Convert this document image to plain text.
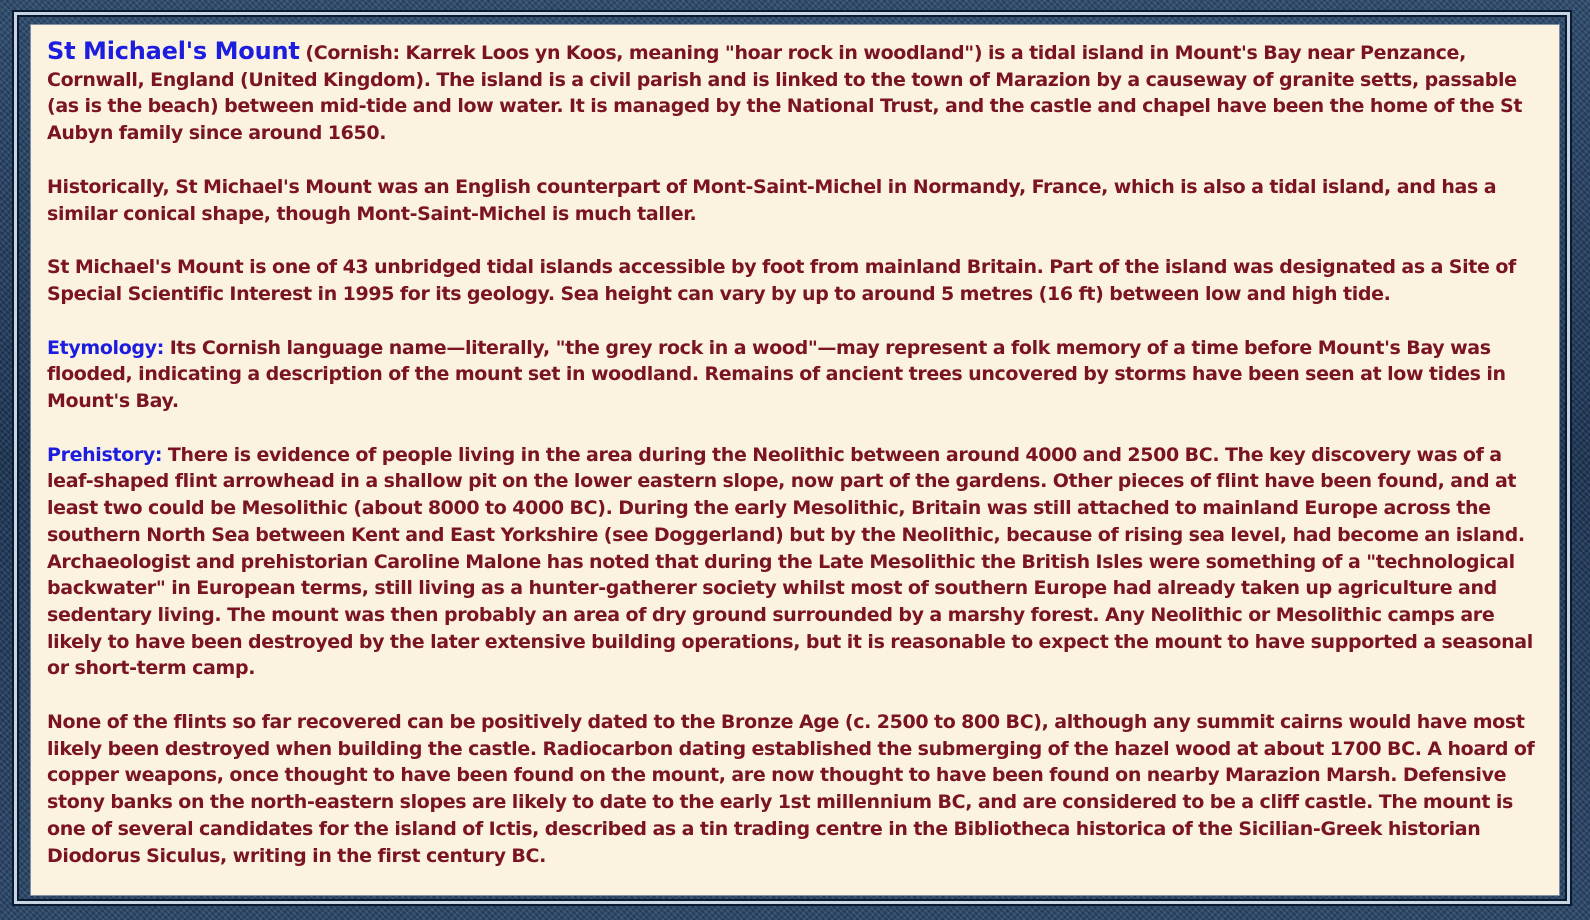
St Michael's Mount (Cornish: Karrek Loos yn Koos, meaning "hoar rock in woodland") is a tidal island in Mount's Bay near Penzance, Cornwall, England (United Kingdom). The island is a civil parish and is linked to the town of Marazion by a causeway of granite setts, passable (as is the beach) between mid-tide and low water. It is managed by the National Trust, and the castle and chapel have been the home of the St Aubyn family since around 1650.

Historically, St Michael's Mount was an English counterpart of Mont-Saint-Michel in Normandy, France, which is also a tidal island, and has a similar conical shape, though Mont-Saint-Michel is much taller.

St Michael's Mount is one of 43 unbridged tidal islands accessible by foot from mainland Britain. Part of the island was designated as a Site of Special Scientific Interest in 1995 for its geology. Sea height can vary by up to around 5 metres (16 ft) between low and high tide.

Etymology: Its Cornish language name—literally, "the grey rock in a wood"—may represent a folk memory of a time before Mount's Bay was flooded, indicating a description of the mount set in woodland. Remains of ancient trees uncovered by storms have been seen at low tides in Mount's Bay.

Prehistory: There is evidence of people living in the area during the Neolithic between around 4000 and 2500 BC. The key discovery was of a leaf-shaped flint arrowhead in a shallow pit on the lower eastern slope, now part of the gardens. Other pieces of flint have been found, and at least two could be Mesolithic (about 8000 to 4000 BC). During the early Mesolithic, Britain was still attached to mainland Europe across the southern North Sea between Kent and East Yorkshire (see Doggerland) but by the Neolithic, because of rising sea level, had become an island. Archaeologist and prehistorian Caroline Malone has noted that during the Late Mesolithic the British Isles were something of a "technological backwater" in European terms, still living as a hunter-gatherer society whilst most of southern Europe had already taken up agriculture and sedentary living. The mount was then probably an area of dry ground surrounded by a marshy forest. Any Neolithic or Mesolithic camps are likely to have been destroyed by the later extensive building operations, but it is reasonable to expect the mount to have supported a seasonal or short-term camp.

None of the flints so far recovered can be positively dated to the Bronze Age (c. 2500 to 800 BC), although any summit cairns would have most likely been destroyed when building the castle. Radiocarbon dating established the submerging of the hazel wood at about 1700 BC. A hoard of copper weapons, once thought to have been found on the mount, are now thought to have been found on nearby Marazion Marsh. Defensive stony banks on the north-eastern slopes are likely to date to the early 1st millennium BC, and are considered to be a cliff castle. The mount is one of several candidates for the island of Ictis, described as a tin trading centre in the Bibliotheca historica of the Sicilian-Greek historian Diodorus Siculus, writing in the first century BC.
